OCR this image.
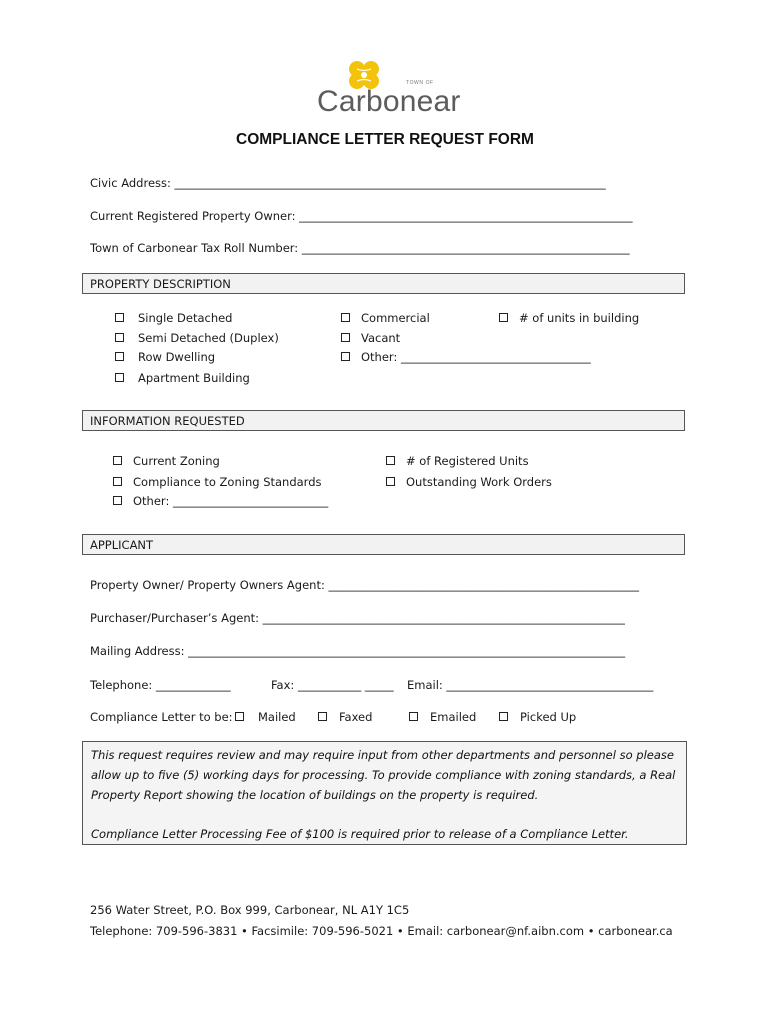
TOWN OF
Carbonear
COMPLIANCE LETTER REQUEST FORM
Civic Address: ___________________________________________________________________________
Current Registered Property Owner: __________________________________________________________
Town of Carbonear Tax Roll Number: _________________________________________________________
PROPERTY DESCRIPTION
Single Detached
Semi Detached (Duplex)
Row Dwelling
Apartment Building
Commercial
Vacant
Other: _________________________________
# of units in building
INFORMATION REQUESTED
Current Zoning
Compliance to Zoning Standards
Other: ___________________________
# of Registered Units
Outstanding Work Orders
APPLICANT
Property Owner/ Property Owners Agent: ______________________________________________________
Purchaser/Purchaser’s Agent: _______________________________________________________________
Mailing Address: ____________________________________________________________________________
Telephone: _____________	Fax: ___________ _____ Email: ____________________________________
Compliance Letter to be:	Mailed	Faxed	Emailed	Picked Up

This request requires review and may require input from other departments and personnel so please

allow up to five (5) working days for processing. To provide compliance with zoning standards, a Real

Property Report showing the location of buildings on the property is required.

Compliance Letter Processing Fee of $100 is required prior to release of a Compliance Letter.

256 Water Street, P.O. Box 999, Carbonear, NL A1Y 1C5
Telephone: 709-596-3831 • Facsimile: 709-596-5021 • Email: carbonear@nf.aibn.com • carbonear.ca
